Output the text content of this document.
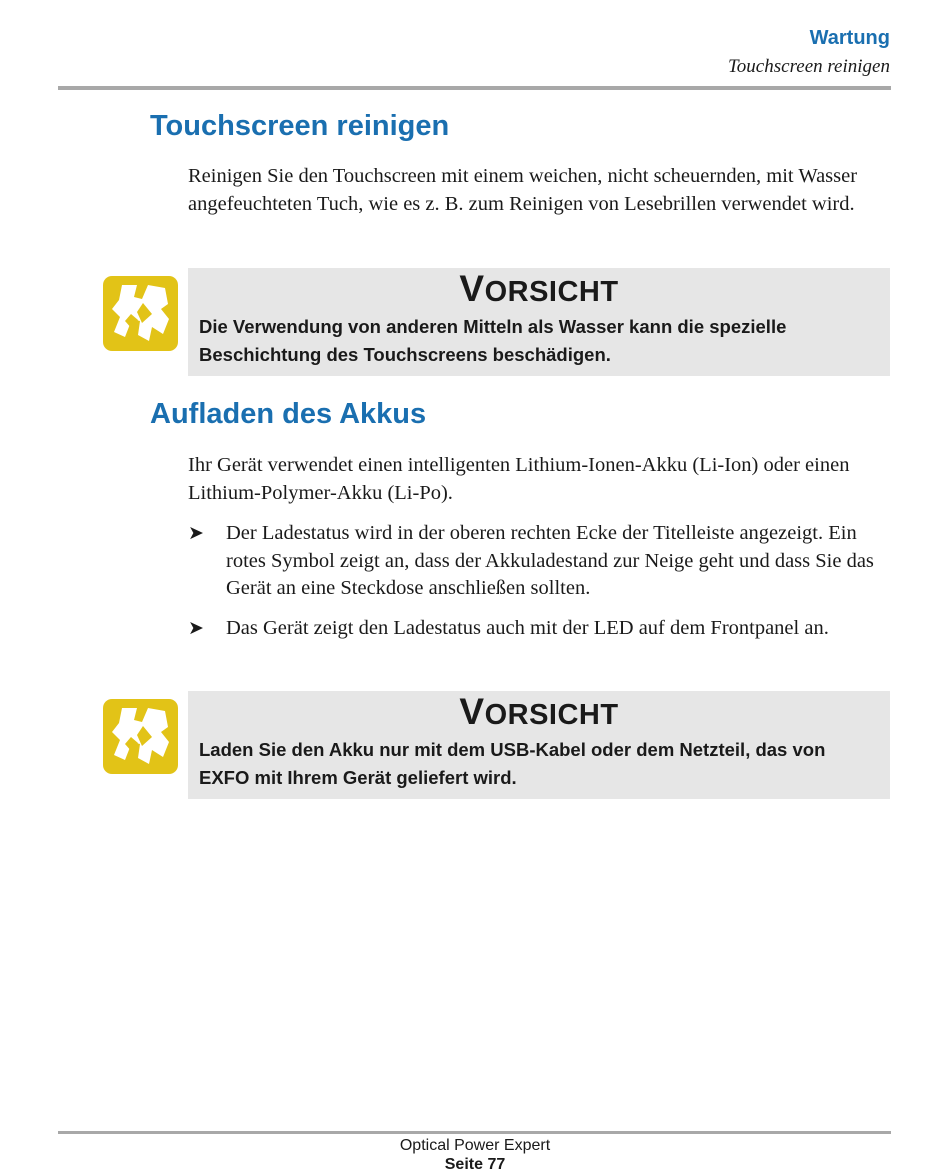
Wartung
Touchscreen reinigen
Touchscreen reinigen

Reinigen Sie den Touchscreen mit einem weichen, nicht scheuernden, mit Wasser angefeuchteten Tuch, wie es z. B. zum Reinigen von Lesebrillen verwendet wird.

VORSICHT
Die Verwendung von anderen Mitteln als Wasser kann die spezielle Beschichtung des Touchscreens beschädigen.
Aufladen des Akkus

Ihr Gerät verwendet einen intelligenten Lithium-Ionen-Akku (Li-Ion) oder einen Lithium-Polymer-Akku (Li-Po).

➤ Der Ladestatus wird in der oberen rechten Ecke der Titelleiste angezeigt. Ein rotes Symbol zeigt an, dass der Akkuladestand zur Neige geht und dass Sie das Gerät an eine Steckdose anschließen sollten.
➤ Das Gerät zeigt den Ladestatus auch mit der LED auf dem Frontpanel an.
VORSICHT
Laden Sie den Akku nur mit dem USB-Kabel oder dem Netzteil, das von EXFO mit Ihrem Gerät geliefert wird.
Optical Power Expert
Seite 77
